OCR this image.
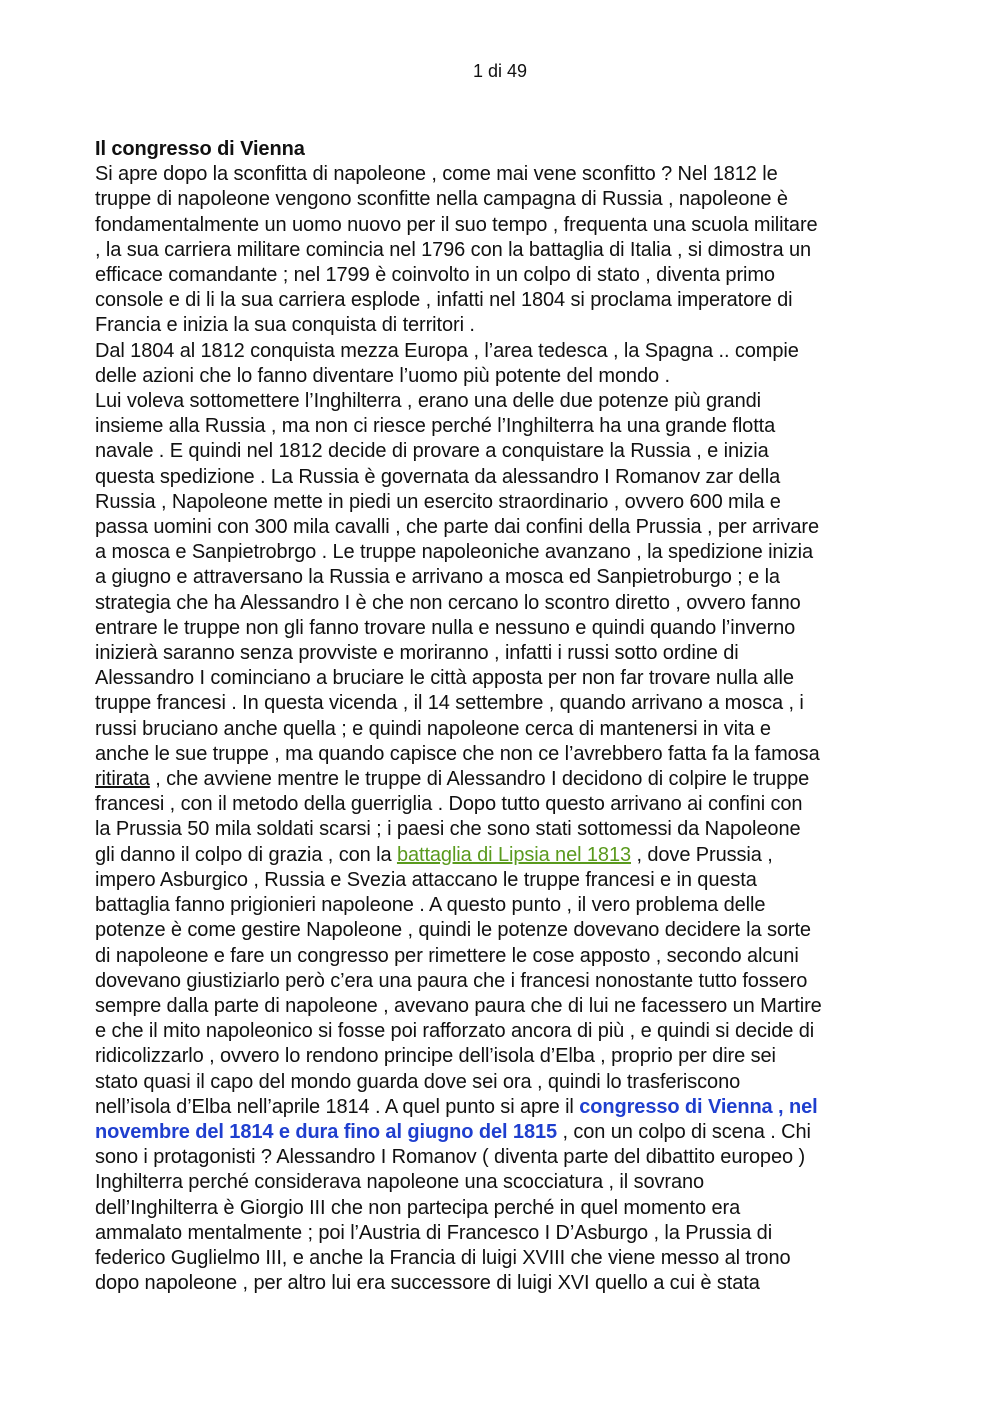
1 di 49
Il congresso di Vienna
Si apre dopo la sconfitta di napoleone , come mai vene sconfitto ? Nel 1812 le
truppe di napoleone vengono sconfitte nella campagna di Russia , napoleone è
fondamentalmente un uomo nuovo per il suo tempo , frequenta una scuola militare
, la sua carriera militare comincia nel 1796 con la battaglia di Italia , si dimostra un
efficace comandante ; nel 1799 è coinvolto in un colpo di stato , diventa primo
console e di li la sua carriera esplode , infatti nel 1804 si proclama imperatore di
Francia e inizia la sua conquista di territori .
Dal 1804 al 1812 conquista mezza Europa , l’area tedesca , la Spagna .. compie
delle azioni che lo fanno diventare l’uomo più potente del mondo .
Lui voleva sottomettere l’Inghilterra , erano una delle due potenze più grandi
insieme alla Russia , ma non ci riesce perché l’Inghilterra ha una grande flotta
navale . E quindi nel 1812 decide di provare a conquistare la Russia , e inizia
questa spedizione . La Russia è governata da alessandro I Romanov zar della
Russia , Napoleone mette in piedi un esercito straordinario , ovvero 600 mila e
passa uomini con 300 mila cavalli , che parte dai confini della Prussia , per arrivare
a mosca e Sanpietrobrgo . Le truppe napoleoniche avanzano , la spedizione inizia
a giugno e attraversano la Russia e arrivano a mosca ed Sanpietroburgo ; e la
strategia che ha Alessandro I è che non cercano lo scontro diretto , ovvero fanno
entrare le truppe non gli fanno trovare nulla e nessuno e quindi quando l’inverno
inizierà saranno senza provviste e moriranno , infatti i russi sotto ordine di
Alessandro I cominciano a bruciare le città apposta per non far trovare nulla alle
truppe francesi . In questa vicenda , il 14 settembre , quando arrivano a mosca , i
russi bruciano anche quella ; e quindi napoleone cerca di mantenersi in vita e
anche le sue truppe , ma quando capisce che non ce l’avrebbero fatta fa la famosa
ritirata , che avviene mentre le truppe di Alessandro I decidono di colpire le truppe
francesi , con il metodo della guerriglia . Dopo tutto questo arrivano ai confini con
la Prussia 50 mila soldati scarsi ; i paesi che sono stati sottomessi da Napoleone
gli danno il colpo di grazia , con la battaglia di Lipsia nel 1813 , dove Prussia ,
impero Asburgico , Russia e Svezia attaccano le truppe francesi e in questa
battaglia fanno prigionieri napoleone . A questo punto , il vero problema delle
potenze è come gestire Napoleone , quindi le potenze dovevano decidere la sorte
di napoleone e fare un congresso per rimettere le cose apposto , secondo alcuni
dovevano giustiziarlo però c’era una paura che i francesi nonostante tutto fossero
sempre dalla parte di napoleone , avevano paura che di lui ne facessero un Martire
e che il mito napoleonico si fosse poi rafforzato ancora di più , e quindi si decide di
ridicolizzarlo , ovvero lo rendono principe dell’isola d’Elba , proprio per dire sei
stato quasi il capo del mondo guarda dove sei ora , quindi lo trasferiscono
nell’isola d’Elba nell’aprile 1814 . A quel punto si apre il congresso di Vienna , nel
novembre del 1814 e dura fino al giugno del 1815 , con un colpo di scena . Chi
sono i protagonisti ? Alessandro I Romanov ( diventa parte del dibattito europeo )
Inghilterra perché considerava napoleone una scocciatura , il sovrano
dell’Inghilterra è Giorgio III che non partecipa perché in quel momento era
ammalato mentalmente ; poi l’Austria di Francesco I D’Asburgo , la Prussia di
federico Guglielmo III, e anche la Francia di luigi XVIII che viene messo al trono
dopo napoleone , per altro lui era successore di luigi XVI quello a cui è stata
